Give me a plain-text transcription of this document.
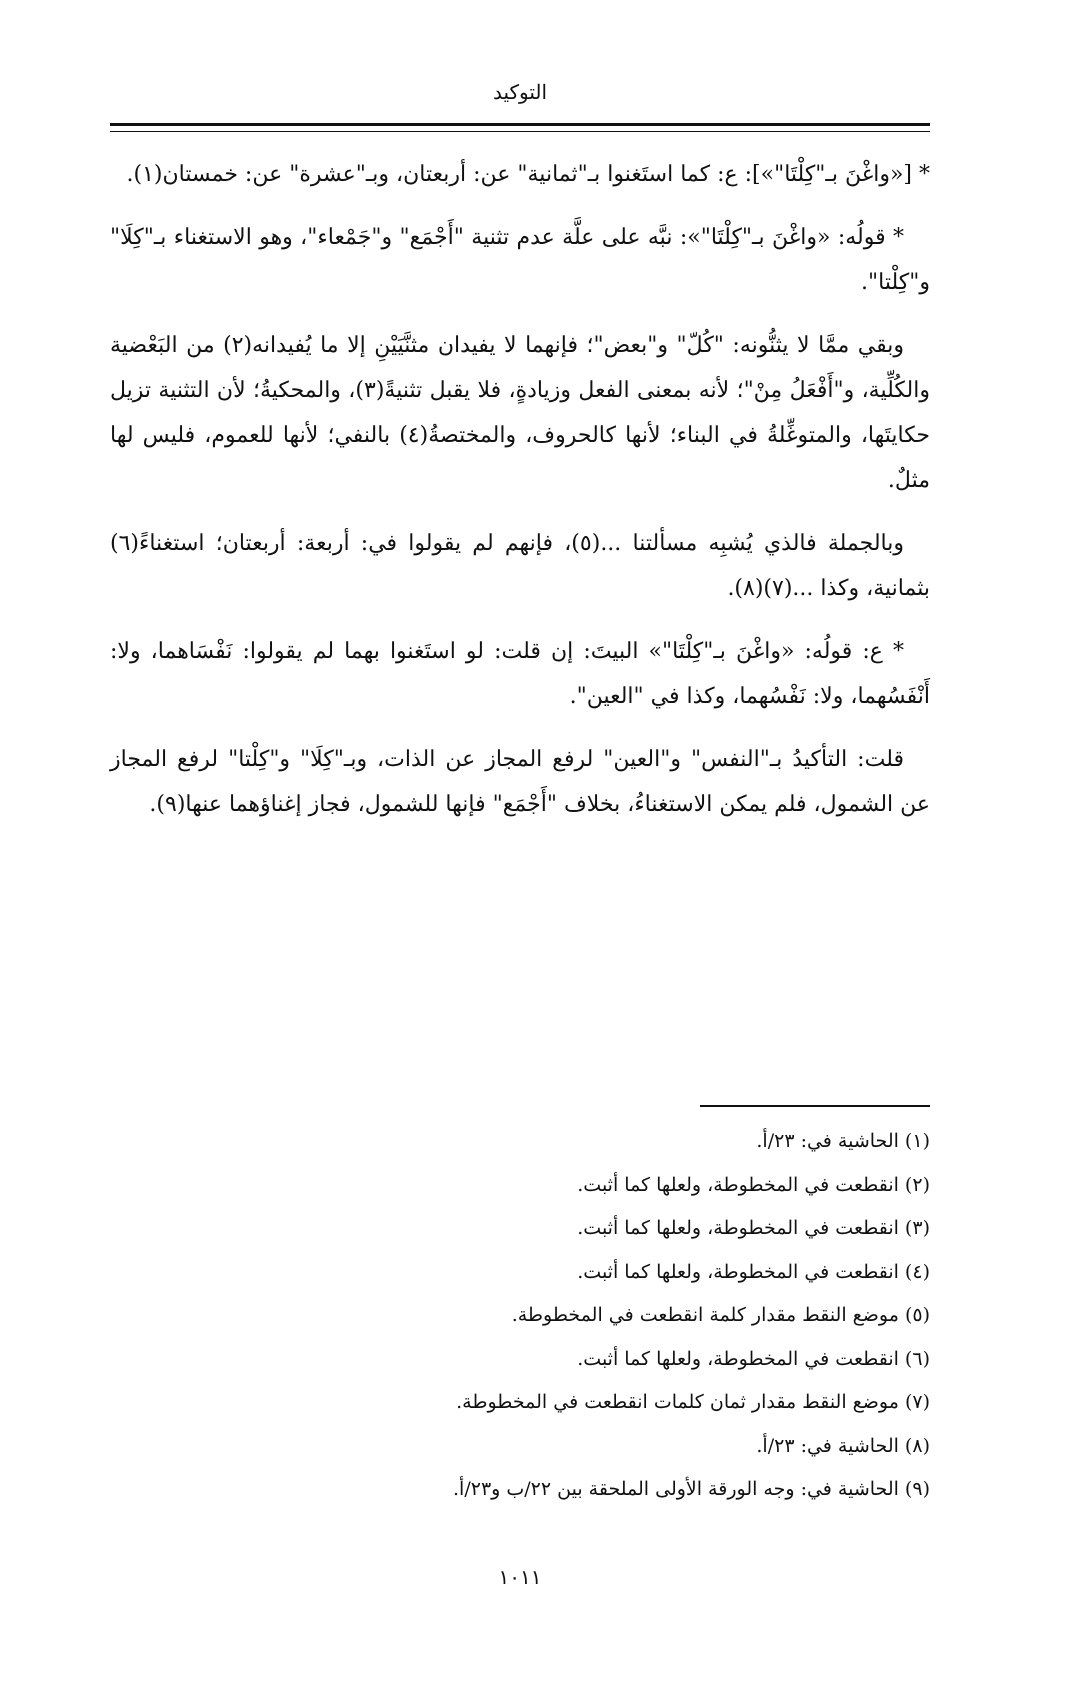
التوكيد

* [«واغْنَ بـ"كِلْتَا"»]: ع: كما استَغنوا بـ"ثمانية" عن: أربعتان، وبـ"عشرة" عن: خمستان(١).

* قولُه: «واغْنَ بـ"كِلْتَا"»: نبَّه على علَّة عدم تثنية "أَجْمَع" و"جَمْعاء"، وهو الاستغناء بـ"كِلَا" و"كِلْتا".

وبقي ممَّا لا يثنُّونه: "كُلّ" و"بعض"؛ فإنهما لا يفيدان مثنَّيَيْنِ إلا ما يُفيدانه(٢) من البَعْضية والكُلِّية، و"أَفْعَلُ مِنْ"؛ لأنه بمعنى الفعل وزيادةٍ، فلا يقبل تثنيةً(٣)، والمحكيةُ؛ لأن التثنية تزيل حكايتَها، والمتوغِّلةُ في البناء؛ لأنها كالحروف، والمختصةُ(٤) بالنفي؛ لأنها للعموم، فليس لها مثلٌ.

وبالجملة فالذي يُشبِه مسألتنا ...(٥)، فإنهم لم يقولوا في: أربعة: أربعتان؛ استغناءً(٦) بثمانية، وكذا ...(٧)(٨).

* ع: قولُه: «واغْنَ بـ"كِلْتَا"» البيتَ: إن قلت: لو استَغنوا بهما لم يقولوا: نَفْسَاهما، ولا: أَنْفَسُهما، ولا: نَفْسُهما، وكذا في "العين".

قلت: التأكيدُ بـ"النفس" و"العين" لرفع المجاز عن الذات، وبـ"كِلَا" و"كِلْتا" لرفع المجاز عن الشمول، فلم يمكن الاستغناءُ، بخلاف "أَجْمَع" فإنها للشمول، فجاز إغناؤهما عنها(٩).

(١) الحاشية في: ٢٣/أ.
(٢) انقطعت في المخطوطة، ولعلها كما أثبت.
(٣) انقطعت في المخطوطة، ولعلها كما أثبت.
(٤) انقطعت في المخطوطة، ولعلها كما أثبت.
(٥) موضع النقط مقدار كلمة انقطعت في المخطوطة.
(٦) انقطعت في المخطوطة، ولعلها كما أثبت.
(٧) موضع النقط مقدار ثمان كلمات انقطعت في المخطوطة.
(٨) الحاشية في: ٢٣/أ.
(٩) الحاشية في: وجه الورقة الأولى الملحقة بين ٢٢/ب و٢٣/أ.
١٠١١
